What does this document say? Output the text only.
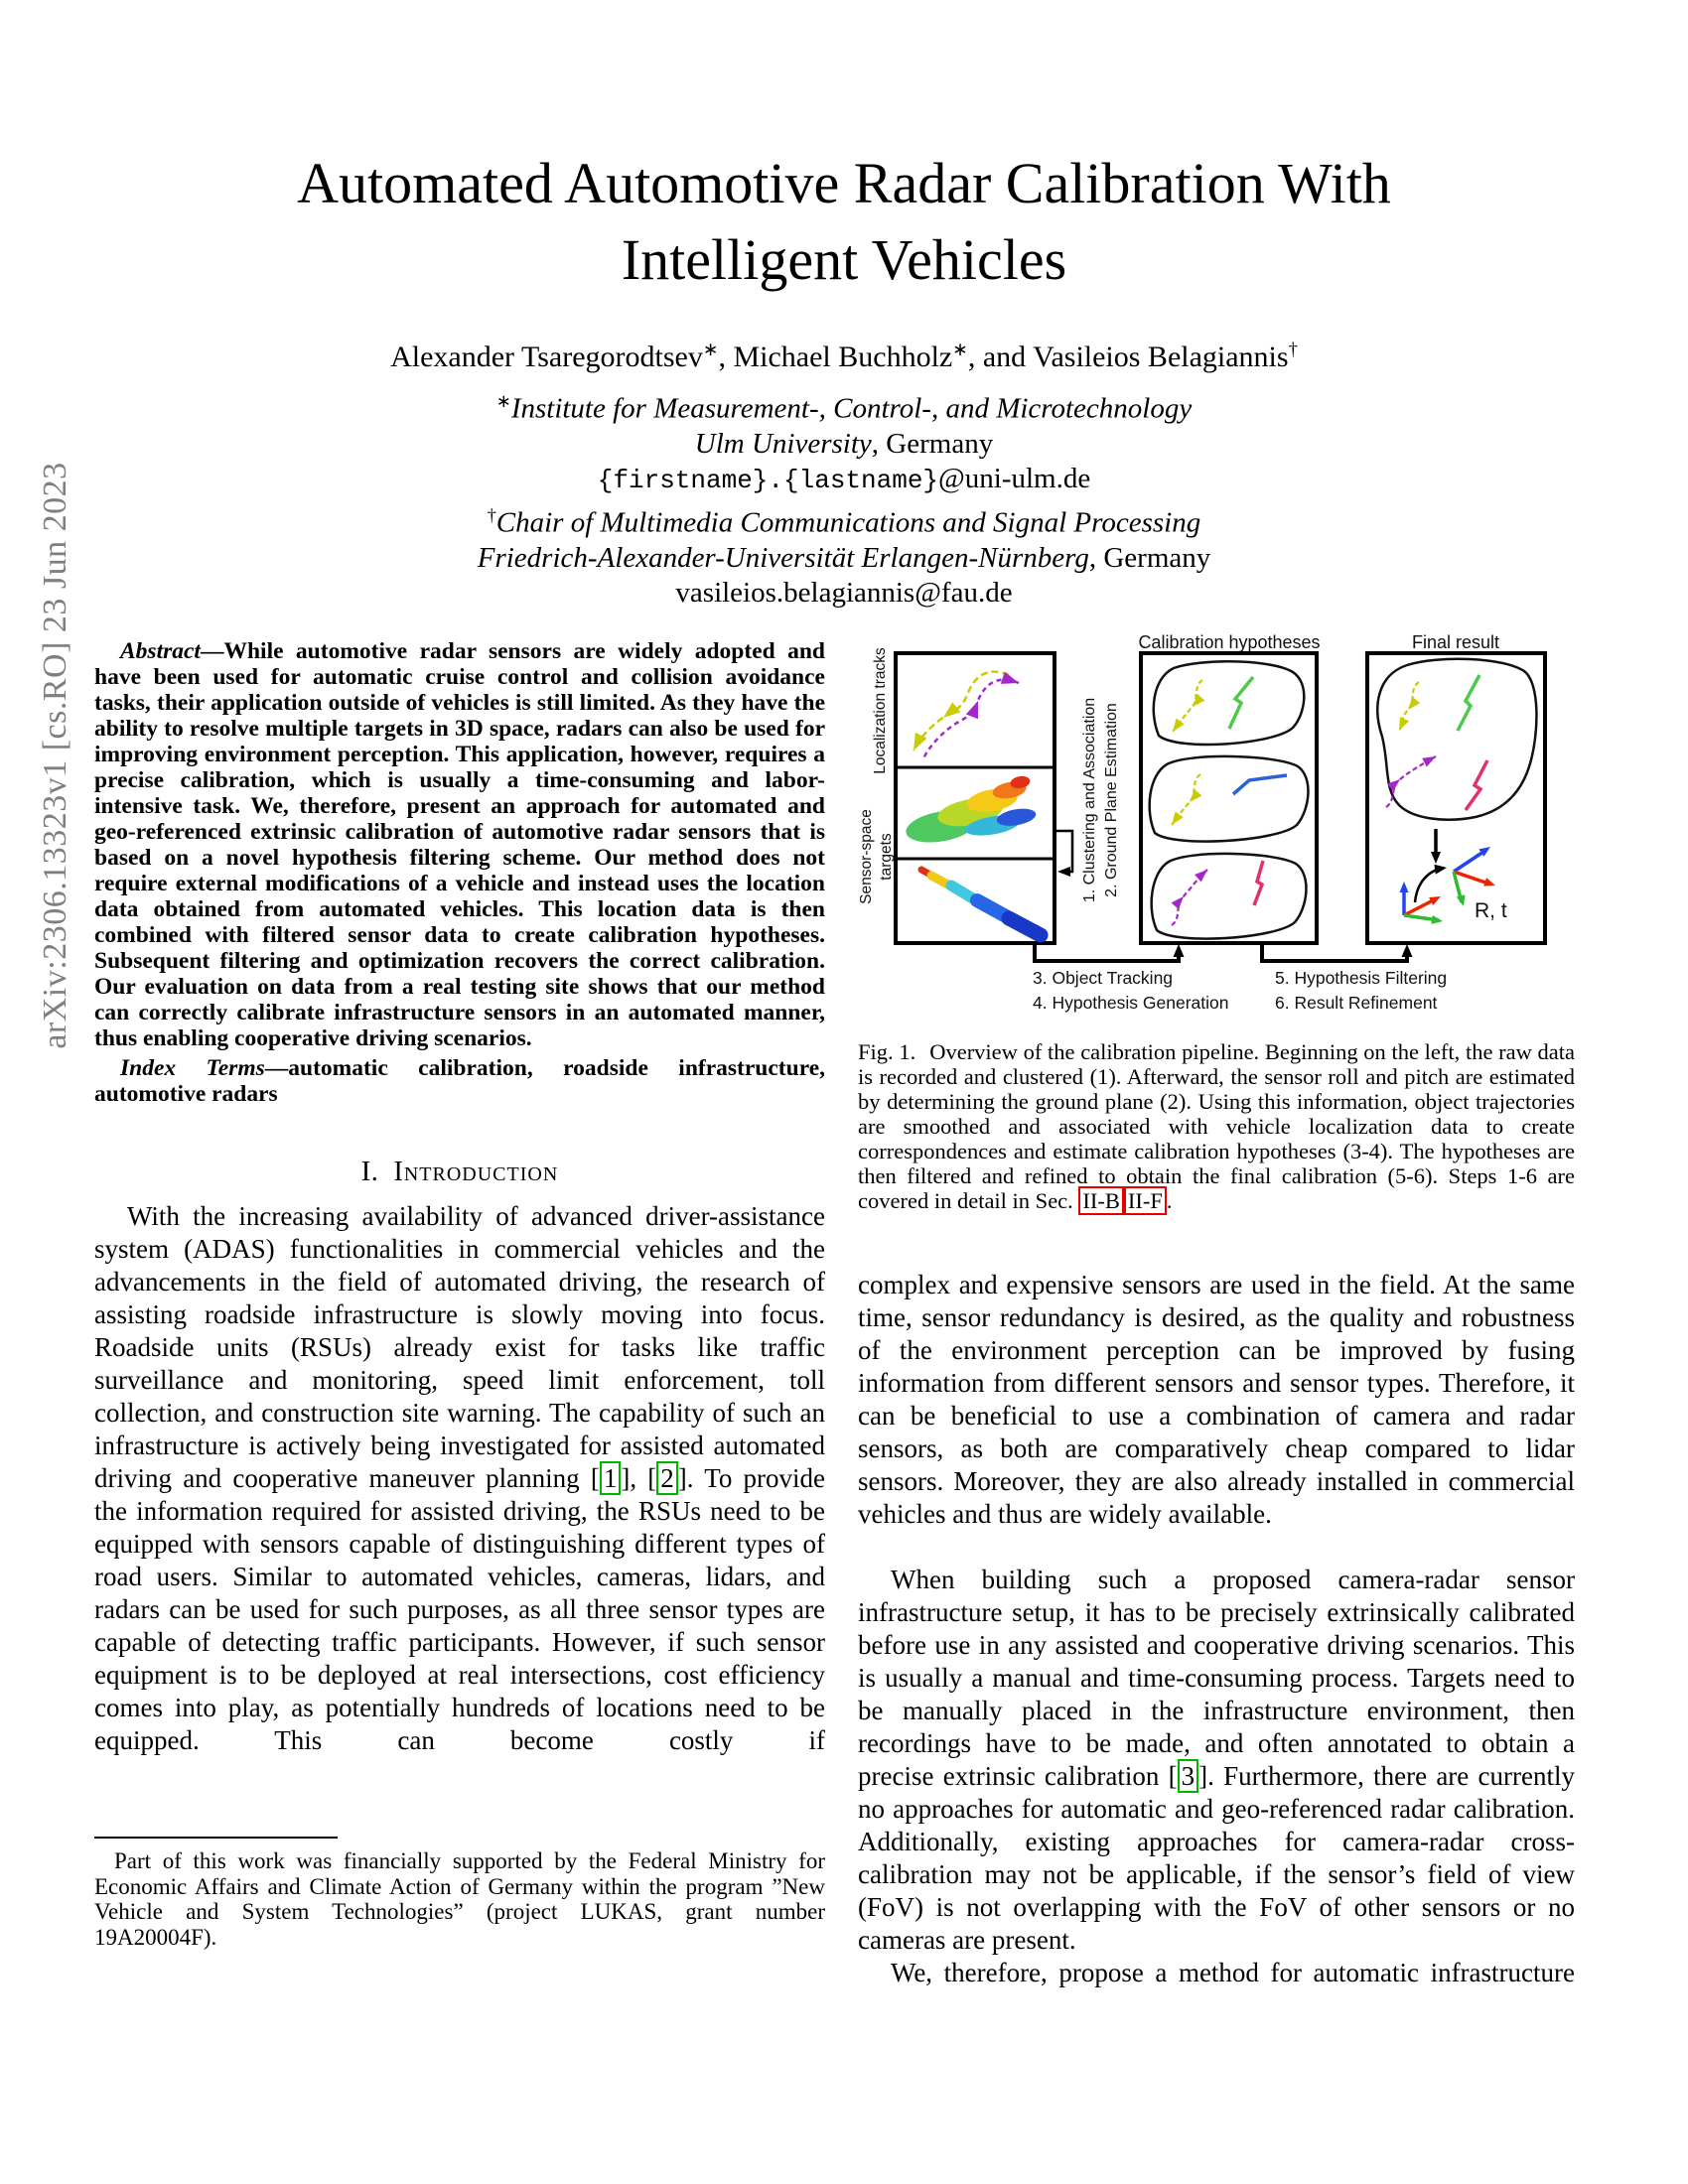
arXiv:2306.13323v1 [cs.RO] 23 Jun 2023
Automated Automotive Radar Calibration With
Intelligent Vehicles
Alexander Tsaregorodtsev∗, Michael Buchholz∗, and Vasileios Belagiannis†
∗Institute for Measurement-, Control-, and Microtechnology
Ulm University, Germany
{firstname}.{lastname}@uni-ulm.de
†Chair of Multimedia Communications and Signal Processing
Friedrich-Alexander-Universität Erlangen-Nürnberg, Germany
vasileios.belagiannis@fau.de

Abstract—While automotive radar sensors are widely adopted and have been used for automatic cruise control and collision avoidance tasks, their application outside of vehicles is still limited. As they have the ability to resolve multiple targets in 3D space, radars can also be used for improving environment perception. This application, however, requires a precise calibration, which is usually a time-consuming and labor-intensive task. We, therefore, present an approach for automated and geo-referenced extrinsic calibration of automotive radar sensors that is based on a novel hypothesis filtering scheme. Our method does not require external modifications of a vehicle and instead uses the location data obtained from automated vehicles. This location data is then combined with filtered sensor data to create calibration hypotheses. Subsequent filtering and optimization recovers the correct calibration. Our evaluation on data from a real testing site shows that our method can correctly calibrate infrastructure sensors in an automated manner, thus enabling cooperative driving scenarios.

Index Terms—automatic calibration, roadside infrastructure, automotive radars

I. Introduction

With the increasing availability of advanced driver-assistance system (ADAS) functionalities in commercial vehicles and the advancements in the field of automated driving, the research of assisting roadside infrastructure is slowly moving into focus. Roadside units (RSUs) already exist for tasks like traffic surveillance and monitoring, speed limit enforcement, toll collection, and construction site warning. The capability of such an infrastructure is actively being investigated for assisted automated driving and cooperative maneuver planning [ 1 ], [ 2 ]. To provide the information required for assisted driving, the RSUs need to be equipped with sensors capable of distinguishing different types of road users. Similar to automated vehicles, cameras, lidars, and radars can be used for such purposes, as all three sensor types are capable of detecting traffic participants. However, if such sensor equipment is to be deployed at real intersections, cost efficiency comes into play, as potentially hundreds of locations need to be equipped. This can become costly if

Part of this work was financially supported by the Federal Ministry for Economic Affairs and Climate Action of Germany within the program ”New Vehicle and System Technologies” (project LUKAS, grant number 19A20004F).

Calibration hypotheses	Final result
Localization tracks
Sensor-space targets	1. Clustering and Association 2. Ground Plane Estimation
R, t
3. Object Tracking
4. Hypothesis Generation
5. Hypothesis Filtering
6. Result Refinement
Fig. 1. Overview of the calibration pipeline. Beginning on the left, the raw data is recorded and clustered (1). Afterward, the sensor roll and pitch are estimated by determining the ground plane (2). Using this information, object trajectories are smoothed and associated with vehicle localization data to create correspondences and estimate calibration hypotheses (3-4). The hypotheses are then filtered and refined to obtain the final calibration (5-6). Steps 1-6 are covered in detail in Sec. II-B II-F .

complex and expensive sensors are used in the field. At the same time, sensor redundancy is desired, as the quality and robustness of the environment perception can be improved by fusing information from different sensors and sensor types. Therefore, it can be beneficial to use a combination of camera and radar sensors, as both are comparatively cheap compared to lidar sensors. Moreover, they are also already installed in commercial vehicles and thus are widely available.

When building such a proposed camera-radar sensor infrastructure setup, it has to be precisely extrinsically calibrated before use in any assisted and cooperative driving scenarios. This is usually a manual and time-consuming process. Targets need to be manually placed in the infrastructure environment, then recordings have to be made, and often annotated to obtain a precise extrinsic calibration [ 3 ]. Furthermore, there are currently no approaches for automatic and geo-referenced radar calibration. Additionally, existing approaches for camera-radar cross-calibration may not be applicable, if the sensor’s field of view (FoV) is not overlapping with the FoV of other sensors or no cameras are present.

We, therefore, propose a method for automatic infrastructure
